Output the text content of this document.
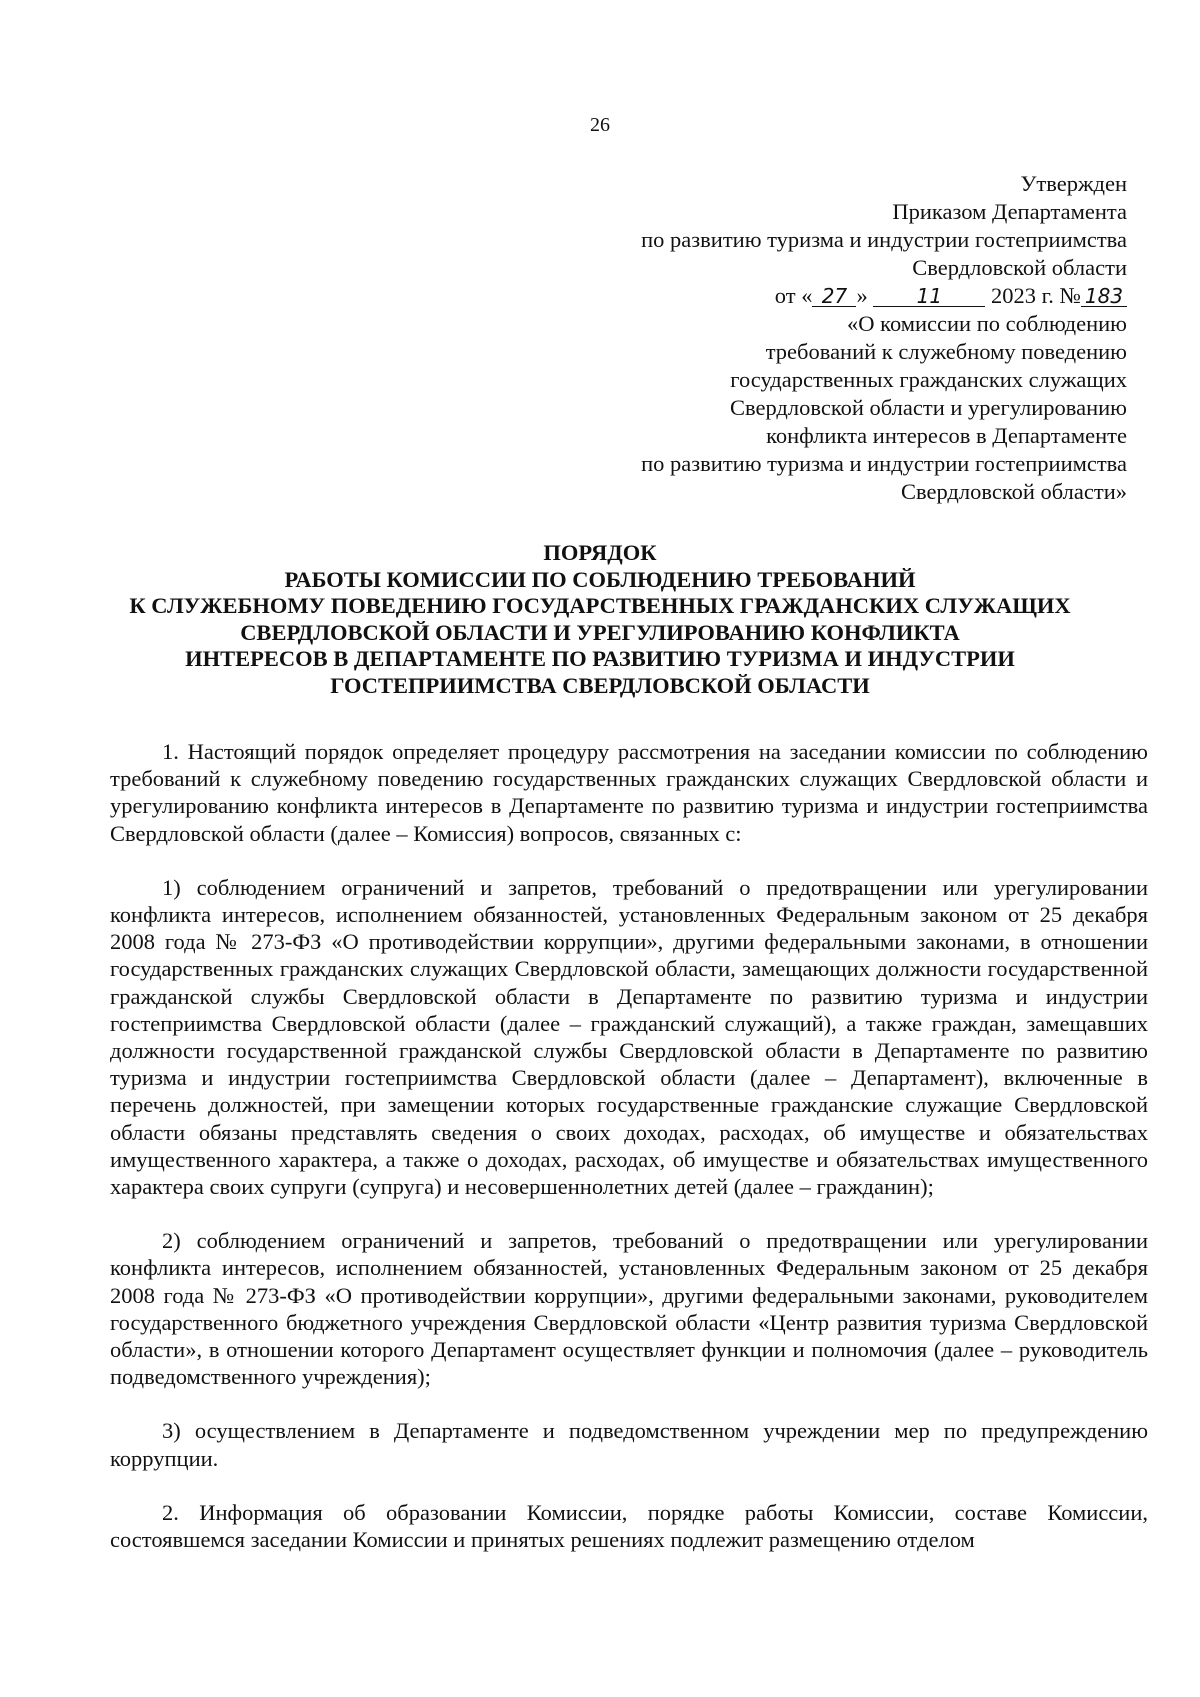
26
Утвержден
Приказом Департамента
по развитию туризма и индустрии гостеприимства
Свердловской области
от « 27 » 11 2023 г. № 183
«О комиссии по соблюдению
требований к служебному поведению
государственных гражданских служащих
Свердловской области и урегулированию
конфликта интересов в Департаменте
по развитию туризма и индустрии гостеприимства
Свердловской области»
ПОРЯДОК
РАБОТЫ КОМИССИИ ПО СОБЛЮДЕНИЮ ТРЕБОВАНИЙ
К СЛУЖЕБНОМУ ПОВЕДЕНИЮ ГОСУДАРСТВЕННЫХ ГРАЖДАНСКИХ СЛУЖАЩИХ
СВЕРДЛОВСКОЙ ОБЛАСТИ И УРЕГУЛИРОВАНИЮ КОНФЛИКТА
ИНТЕРЕСОВ В ДЕПАРТАМЕНТЕ ПО РАЗВИТИЮ ТУРИЗМА И ИНДУСТРИИ
ГОСТЕПРИИМСТВА СВЕРДЛОВСКОЙ ОБЛАСТИ

1. Настоящий порядок определяет процедуру рассмотрения на заседании комиссии по соблюдению требований к служебному поведению государственных гражданских служащих Свердловской области и урегулированию конфликта интересов в Департаменте по развитию туризма и индустрии гостеприимства Свердловской области (далее – Комиссия) вопросов, связанных с:

1) соблюдением ограничений и запретов, требований о предотвращении или урегулировании конфликта интересов, исполнением обязанностей, установленных Федеральным законом от 25 декабря 2008 года № 273-ФЗ «О противодействии коррупции», другими федеральными законами, в отношении государственных гражданских служащих Свердловской области, замещающих должности государственной гражданской службы Свердловской области в Департаменте по развитию туризма и индустрии гостеприимства Свердловской области (далее – гражданский служащий), а также граждан, замещавших должности государственной гражданской службы Свердловской области в Департаменте по развитию туризма и индустрии гостеприимства Свердловской области (далее – Департамент), включенные в перечень должностей, при замещении которых государственные гражданские служащие Свердловской области обязаны представлять сведения о своих доходах, расходах, об имуществе и обязательствах имущественного характера, а также о доходах, расходах, об имуществе и обязательствах имущественного характера своих супруги (супруга) и несовершеннолетних детей (далее – гражданин);

2) соблюдением ограничений и запретов, требований о предотвращении или урегулировании конфликта интересов, исполнением обязанностей, установленных Федеральным законом от 25 декабря 2008 года № 273-ФЗ «О противодействии коррупции», другими федеральными законами, руководителем государственного бюджетного учреждения Свердловской области «Центр развития туризма Свердловской области», в отношении которого Департамент осуществляет функции и полномочия (далее – руководитель подведомственного учреждения);

3) осуществлением в Департаменте и подведомственном учреждении мер по предупреждению коррупции.

2. Информация об образовании Комиссии, порядке работы Комиссии, составе Комиссии, состоявшемся заседании Комиссии и принятых решениях подлежит размещению отделом
